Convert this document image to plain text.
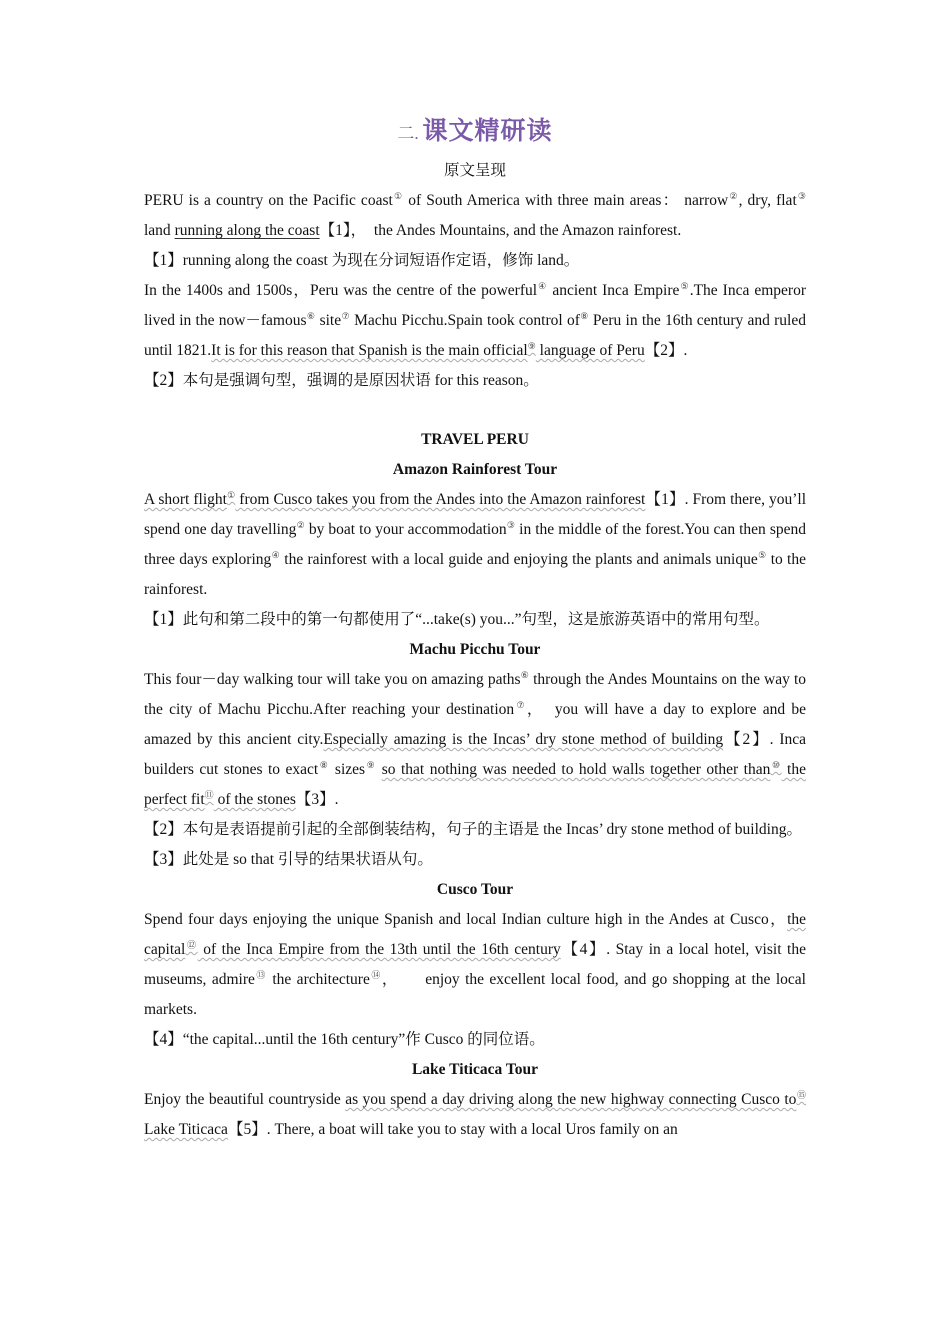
二. 课文精研读
原文呈现

PERU is a country on the Pacific coast① of South America with three main areas： narrow②, dry, flat③ land running along the coast【1】，　the Andes Mountains, and the Amazon rainforest.

【1】running along the coast 为现在分词短语作定语，修饰 land。

In the 1400s and 1500s，Peru was the centre of the powerful④ ancient Inca Empire⑤.The Inca emperor lived in the now－famous⑥ site⑦ Machu Picchu.Spain took control of⑧ Peru in the 16th century and ruled until 1821.It is for this reason that Spanish is the main official⑨ language of Peru【2】.

【2】本句是强调句型，强调的是原因状语 for this reason。

TRAVEL PERU
Amazon Rainforest Tour

A short flight① from Cusco takes you from the Andes into the Amazon rainforest【1】. From there, you’ll spend one day travelling② by boat to your accommodation③ in the middle of the forest.You can then spend three days exploring④ the rainforest with a local guide and enjoying the plants and animals unique⑤ to the rainforest.

【1】此句和第二段中的第一句都使用了“...take(s) you...”句型，这是旅游英语中的常用句型。

Machu Picchu Tour

This four－day walking tour will take you on amazing paths⑥ through the Andes Mountains on the way to the city of Machu Picchu.After reaching your destination⑦，　you will have a day to explore and be amazed by this ancient city.Especially amazing is the Incas’ dry stone method of building【2】. Inca builders cut stones to exact⑧ sizes⑨ so that nothing was needed to hold walls together other than⑩ the perfect fit⑪ of the stones【3】.

【2】本句是表语提前引起的全部倒装结构，句子的主语是 the Incas’ dry stone method of building。

【3】此处是 so that 引导的结果状语从句。

Cusco Tour

Spend four days enjoying the unique Spanish and local Indian culture high in the Andes at Cusco，the capital⑫ of the Inca Empire from the 13th until the 16th century【4】. Stay in a local hotel, visit the museums, admire⑬ the architecture⑭，　　enjoy the excellent local food, and go shopping at the local markets.

【4】“the capital...until the 16th century”作 Cusco 的同位语。

Lake Titicaca Tour

Enjoy the beautiful countryside as you spend a day driving along the new highway connecting Cusco to⑮ Lake Titicaca【5】. There, a boat will take you to stay with a local Uros family on an
